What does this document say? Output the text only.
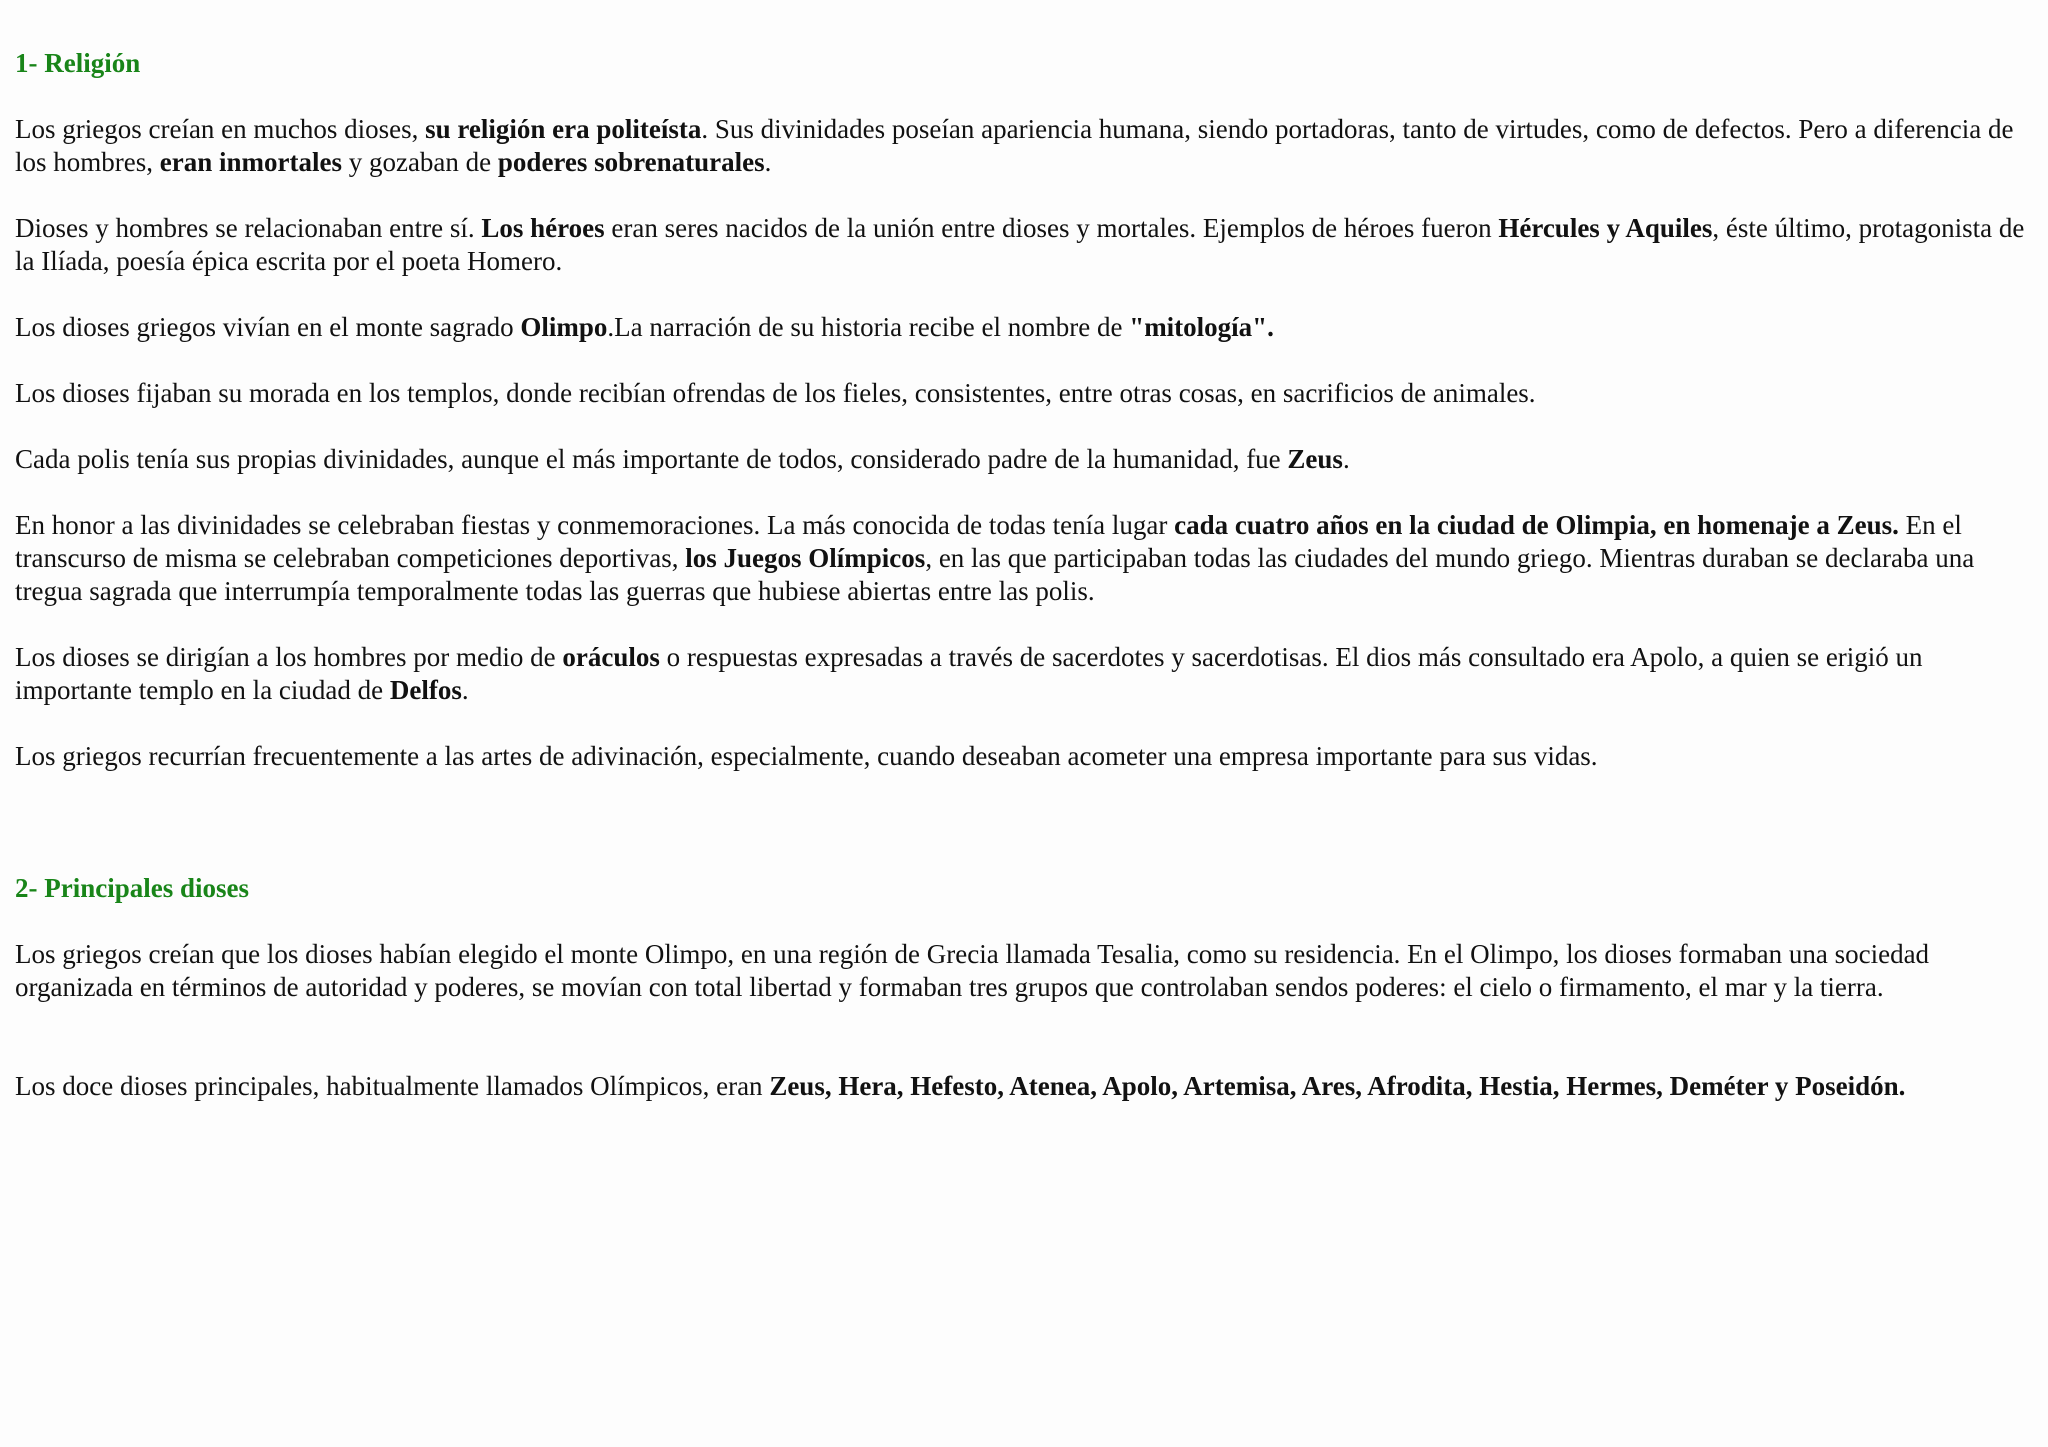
1- Religión

Los griegos creían en muchos dioses, su religión era politeísta. Sus divinidades poseían apariencia humana, siendo portadoras, tanto de virtudes, como de defectos. Pero a diferencia de los hombres, eran inmortales y gozaban de poderes sobrenaturales.

Dioses y hombres se relacionaban entre sí. Los héroes eran seres nacidos de la unión entre dioses y mortales. Ejemplos de héroes fueron Hércules y Aquiles, éste último, protagonista de la Ilíada, poesía épica escrita por el poeta Homero.

Los dioses griegos vivían en el monte sagrado Olimpo.La narración de su historia recibe el nombre de "mitología".

Los dioses fijaban su morada en los templos, donde recibían ofrendas de los fieles, consistentes, entre otras cosas, en sacrificios de animales.

Cada polis tenía sus propias divinidades, aunque el más importante de todos, considerado padre de la humanidad, fue Zeus.

En honor a las divinidades se celebraban fiestas y conmemoraciones. La más conocida de todas tenía lugar cada cuatro años en la ciudad de Olimpia, en homenaje a Zeus. En el transcurso de misma se celebraban competiciones deportivas, los Juegos Olímpicos, en las que participaban todas las ciudades del mundo griego. Mientras duraban se declaraba una tregua sagrada que interrumpía temporalmente todas las guerras que hubiese abiertas entre las polis.

Los dioses se dirigían a los hombres por medio de oráculos o respuestas expresadas a través de sacerdotes y sacerdotisas. El dios más consultado era Apolo, a quien se erigió un importante templo en la ciudad de Delfos.

Los griegos recurrían frecuentemente a las artes de adivinación, especialmente, cuando deseaban acometer una empresa importante para sus vidas.

2- Principales dioses

Los griegos creían que los dioses habían elegido el monte Olimpo, en una región de Grecia llamada Tesalia, como su residencia. En el Olimpo, los dioses formaban una sociedad organizada en términos de autoridad y poderes, se movían con total libertad y formaban tres grupos que controlaban sendos poderes: el cielo o firmamento, el mar y la tierra.

Los doce dioses principales, habitualmente llamados Olímpicos, eran Zeus, Hera, Hefesto, Atenea, Apolo, Artemisa, Ares, Afrodita, Hestia, Hermes, Deméter y Poseidón.
